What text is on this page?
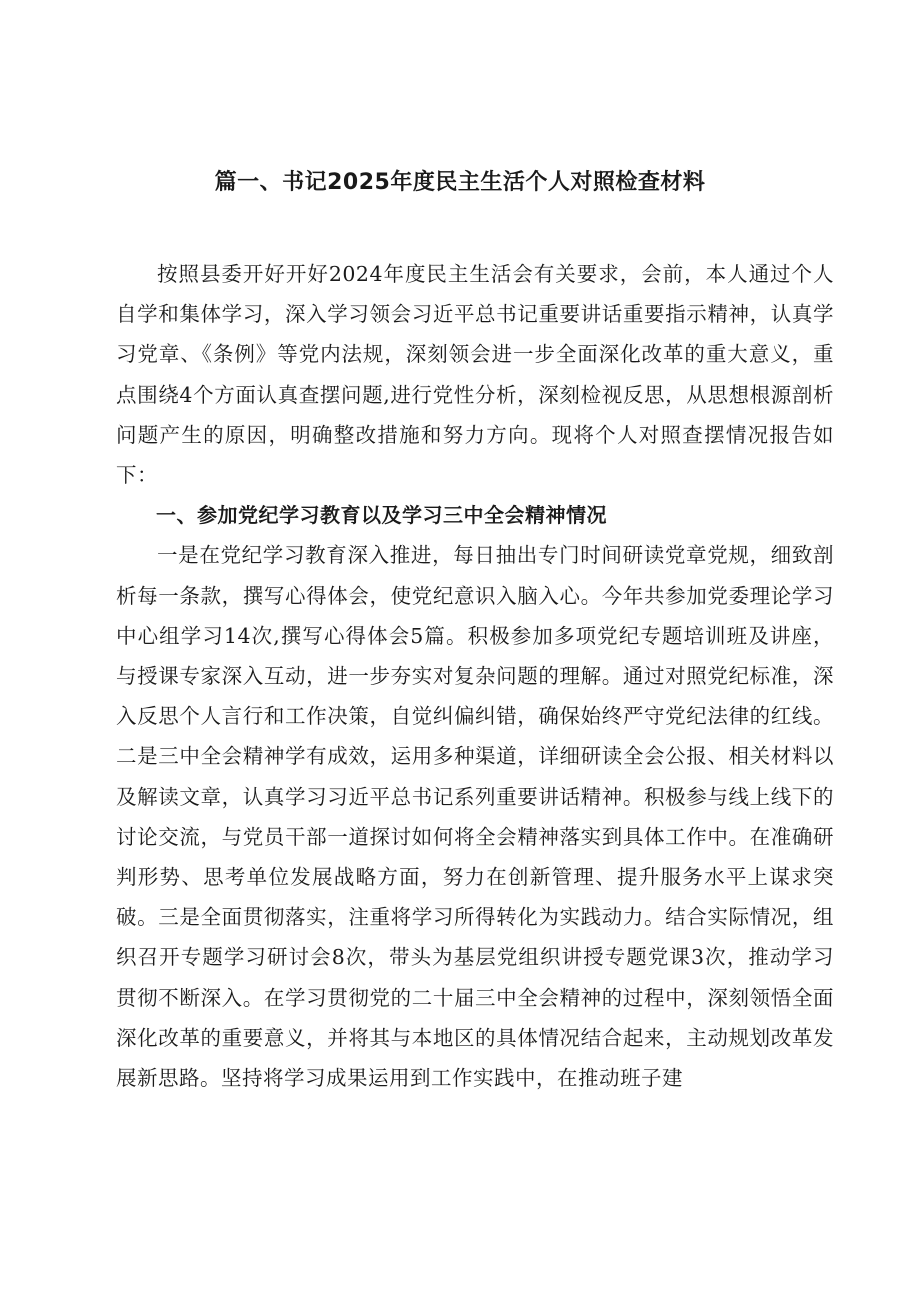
篇一、书记2025年度民主生活个人对照检查材料

按照县委开好开好2024年度民主生活会有关要求，会前，本人通过个人自学和集体学习，深入学习领会习近平总书记重要讲话重要指示精神，认真学习党章、《条例》等党内法规，深刻领会进一步全面深化改革的重大意义，重点围绕4个方面认真查摆问题,进行党性分析，深刻检视反思，从思想根源剖析问题产生的原因，明确整改措施和努力方向。现将个人对照查摆情况报告如下：

一、参加党纪学习教育以及学习三中全会精神情况

一是在党纪学习教育深入推进，每日抽出专门时间研读党章党规，细致剖析每一条款，撰写心得体会，使党纪意识入脑入心。今年共参加党委理论学习中心组学习14次,撰写心得体会5篇。积极参加多项党纪专题培训班及讲座，与授课专家深入互动，进一步夯实对复杂问题的理解。通过对照党纪标准，深入反思个人言行和工作决策，自觉纠偏纠错，确保始终严守党纪法律的红线。二是三中全会精神学有成效，运用多种渠道，详细研读全会公报、相关材料以及解读文章，认真学习习近平总书记系列重要讲话精神。积极参与线上线下的讨论交流，与党员干部一道探讨如何将全会精神落实到具体工作中。在准确研判形势、思考单位发展战略方面，努力在创新管理、提升服务水平上谋求突破。三是全面贯彻落实，注重将学习所得转化为实践动力。结合实际情况，组织召开专题学习研讨会8次，带头为基层党组织讲授专题党课3次，推动学习贯彻不断深入。在学习贯彻党的二十届三中全会精神的过程中，深刻领悟全面深化改革的重要意义，并将其与本地区的具体情况结合起来，主动规划改革发展新思路。坚持将学习成果运用到工作实践中，在推动班子建
